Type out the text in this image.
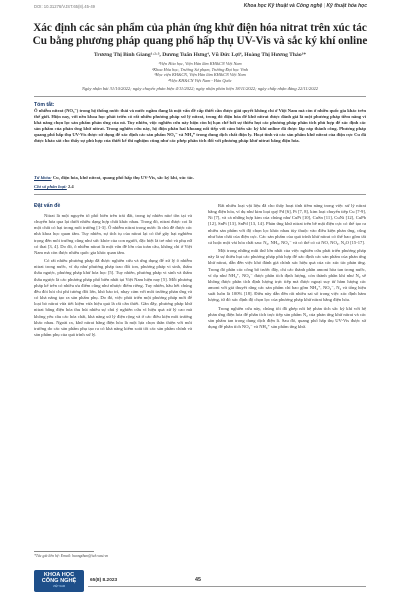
DOI: 10.31276/VJST.65(8).45-49	Khoa học Kỹ thuật và Công nghệ | Kỹ thuật hóa học
Xác định các sản phẩm của phản ứng khử điện hóa nitrat trên xúc tác
Cu bằng phương pháp quang phổ hấp thụ UV-Vis và sắc ký khí online
Trương Thị Bình Giang¹·²·³, Dương Tuấn Hưng⁴, Vũ Đức Lợi⁴, Hoàng Thị Hương Thảo¹*
¹Viện Hóa học, Viện Hàn lâm KH&CN Việt Nam
²Khoa Hóa học, Trường Sư phạm, Trường Đại học Vinh
³Học viện KH&CN, Viện Hàn lâm KH&CN Việt Nam
⁴Viện KH&CN Việt Nam - Hàn Quốc
Ngày nhận bài 31/10/2022; ngày chuyển phản biện 4/11/2022; ngày nhận phản biện 18/11/2022; ngày chấp nhận đăng 22/11/2022
Tóm tắt:
Ô nhiễm nitrat (NO₃⁻) trong hệ thống nước thải và nước ngầm đang là một vấn đề cấp thiết cần được giải quyết không chỉ ở Việt Nam mà còn ở nhiều quốc gia khác trên thế giới. Hiện nay, với nền khoa học phát triển có rất nhiều phương pháp xử lý nitrat, trong đó điện hóa để khử nitrat được đánh giá là một phương pháp tiềm năng vì khả năng chọn lọc sản phẩm phản ứng của nó. Tuy nhiên, việc nghiên cứu này hiện còn bị hạn chế bởi sự thiếu hụt các phương pháp phân tích phù hợp để xác định các sản phẩm của phản ứng khử nitrat. Trong nghiên cứu này, hệ điện phân hai khoang nối tiếp với cảm biến sắc ký khí online đã được lắp ráp thành công. Phương pháp quang phổ hấp thụ UV-Vis được sử dụng để xác định các sản phẩm NO₂⁻ và NH₄⁺ trong dung dịch chất điện ly. Hoạt tính và các sản phẩm khử nitrat của điện cực Cu đã được khảo sát cho thấy sự phù hợp của thiết kế thí nghiệm cũng như các phép phân tích đối với phương pháp khử nitrat bằng điện hóa.
Từ khóa: Cu, điện hóa, khử nitrat, quang phổ hấp thụ UV-Vis, sắc ký khí, xúc tác.
Chỉ số phân loại: 2.4
Đặt vấn đề

Nitrat là một nguyên tố phổ biến trên trái đất, trong tự nhiên nitơ tồn tại và chuyển hóa qua lại dưới nhiều dạng hợp chất khác nhau. Trong đó, nitrat được coi là một chất có hại trong môi trường [1-3]. Ô nhiễm nitrat trong nước là chủ đề được các nhà khoa học quan tâm. Tuy nhiên, sự tích tụ của nitrat lại có thể gây hại nghiêm trọng đến môi trường cũng như sức khỏe của con người, đặc biệt là trẻ nhỏ và phụ nữ có thai [3, 4]. Do đó, ô nhiễm nitrat là một vấn đề lớn của toàn cầu, không chỉ ở Việt Nam mà còn được nhiều quốc gia khác quan tâm.

Có rất nhiều phương pháp đã được nghiên cứu và ứng dụng để xử lý ô nhiễm nitrat trong nước, ví dụ như phương pháp trao đổi ion, phương pháp vi sinh, thẩm thấu ngược, phương pháp khử hóa học [5]. Tuy nhiên, phương pháp vi sinh và thẩm thấu ngược là các phương pháp phổ biến nhất tại Việt Nam hiện nay [5]. Mỗi phương pháp kể trên có nhiều ưu điểm cũng như nhược điểm riêng. Tuy nhiên, hầu hết chúng đều đòi hỏi chi phí tương đối lớn, khó bảo trì, nhạy cảm với môi trường phản ứng và có khả năng tạo ra sản phẩm phụ. Do đó, việc phát triển một phương pháp mới để loại bỏ nitrat vừa tiết kiệm vừa hiệu quả là rất cần thiết. Gần đây, phương pháp khử nitrat bằng điện hóa thu hút nhiều sự chú ý nghiên cứu vì hiệu quả xử lý cao mà không yêu cầu các hóa chất, khả năng xử lý điện rộng và ở các điều kiện môi trường khác nhau. Ngoài ra, khử nitrat bằng điện hóa là một lựa chọn thân thiện với môi trường do các sản phẩm phụ tạo ra có khả năng kiểm soát tốt các sản phẩm chính và sản phẩm phụ của quá trình xử lý.

Rất nhiều loại vật liệu đã cho thấy hoạt tính tiềm năng trong việc xử lý nitrat bằng điện hóa, ví dụ như kim loại quý Pd [6], Pt [7, 8], kim loại chuyển tiếp Cu [7-9], Ni [7], và cả những hợp kim của chúng như CuPt [10], CuSn [11], CuNi [12], CuPb [12], SnPt [13], SnPd [13, 14]. Phản ứng khử nitrat trên bề mặt điện cực có thể tạo ra nhiều sản phẩm với độ chọn lọc khác nhau tùy thuộc vào điều kiện phản ứng, cũng như bản chất của điện cực. Các sản phẩm của quá trình khử nitrat có thể bao gồm tất cả hoặc một vài hóa chất sau: N₂, NH₃, NO₂⁻ và có thể có cả NO, NO₂, N₂O [15-17].

Một trong những mũi thử lớn nhất của việc nghiên cứu phát triển phương pháp này là sự thiếu hụt các phương pháp phù hợp để xác định các sản phẩm của phản ứng khử nitrat, dẫn đến việc khó đánh giá chính xác hiệu quả của các xúc tác phản ứng. Trong đó phân các công bố trước đây, chỉ các thành phần amoni hòa tan trong nước, ví dụ như NH₄⁺, NO₂⁻ được phân tích định lượng, còn thành phần khí như N₂ sẽ không được phân tích định lượng trực tiếp mà được ngoại suy từ hàm lượng các amoni với giả thuyết rằng các sản phẩm chỉ bao gồm NH₄⁺, NO₂⁻, N₂ và tổng hiệu suất luôn là 100% [18]. Điều này dẫn đến rất nhiều sai số trong việc xác định hàm lượng, từ đó xác định độ chọn lọc của phương pháp khử nitrat bằng điện hóa.

Trong nghiên cứu này, chúng tôi đã ghép nối hệ phản tích sắc ký khí với hệ phản ứng điện hóa để phân tích trực tiếp sản phẩm N₂ của phản ứng khử nitrat và các sản phẩm tan trong dung dịch điện li. Sau đó, quang phổ hấp thụ UV-Vis được sử dụng để phân tích NO₂⁻ và NH₄⁺ sản phẩm ứng khử.

*Tác giả liên hệ: Email: huongthao@ich.vast.vn
KHOA HỌC
CÔNG NGHỆ
VIỆT NAM
65(8) 8.2023	45
